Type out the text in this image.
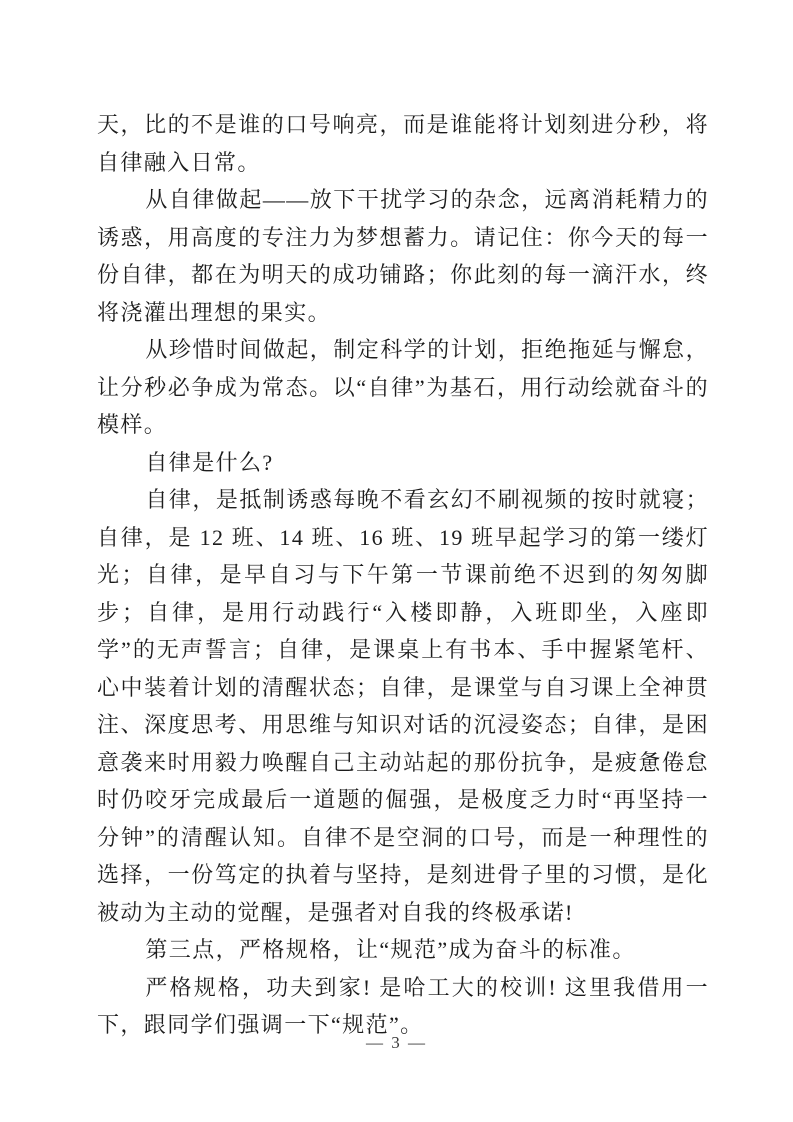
天，比的不是谁的口号响亮，而是谁能将计划刻进分秒，将自律融入日常。

从自律做起——放下干扰学习的杂念，远离消耗精力的诱惑，用高度的专注力为梦想蓄力。请记住：你今天的每一份自律，都在为明天的成功铺路；你此刻的每一滴汗水，终将浇灌出理想的果实。

从珍惜时间做起，制定科学的计划，拒绝拖延与懈怠，让分秒必争成为常态。以“自律”为基石，用行动绘就奋斗的模样。

自律是什么?

自律，是抵制诱惑每晚不看玄幻不刷视频的按时就寝；自律，是 12 班、14 班、16 班、19 班早起学习的第一缕灯光；自律，是早自习与下午第一节课前绝不迟到的匆匆脚步；自律，是用行动践行“入楼即静，入班即坐，入座即学”的无声誓言；自律，是课桌上有书本、手中握紧笔杆、心中装着计划的清醒状态；自律，是课堂与自习课上全神贯注、深度思考、用思维与知识对话的沉浸姿态；自律，是困意袭来时用毅力唤醒自己主动站起的那份抗争，是疲惫倦怠时仍咬牙完成最后一道题的倔强，是极度乏力时“再坚持一分钟”的清醒认知。自律不是空洞的口号，而是一种理性的选择，一份笃定的执着与坚持，是刻进骨子里的习惯，是化被动为主动的觉醒，是强者对自我的终极承诺!

第三点，严格规格，让“规范”成为奋斗的标准。

严格规格，功夫到家! 是哈工大的校训! 这里我借用一下，跟同学们强调一下“规范”。

— 3 —
